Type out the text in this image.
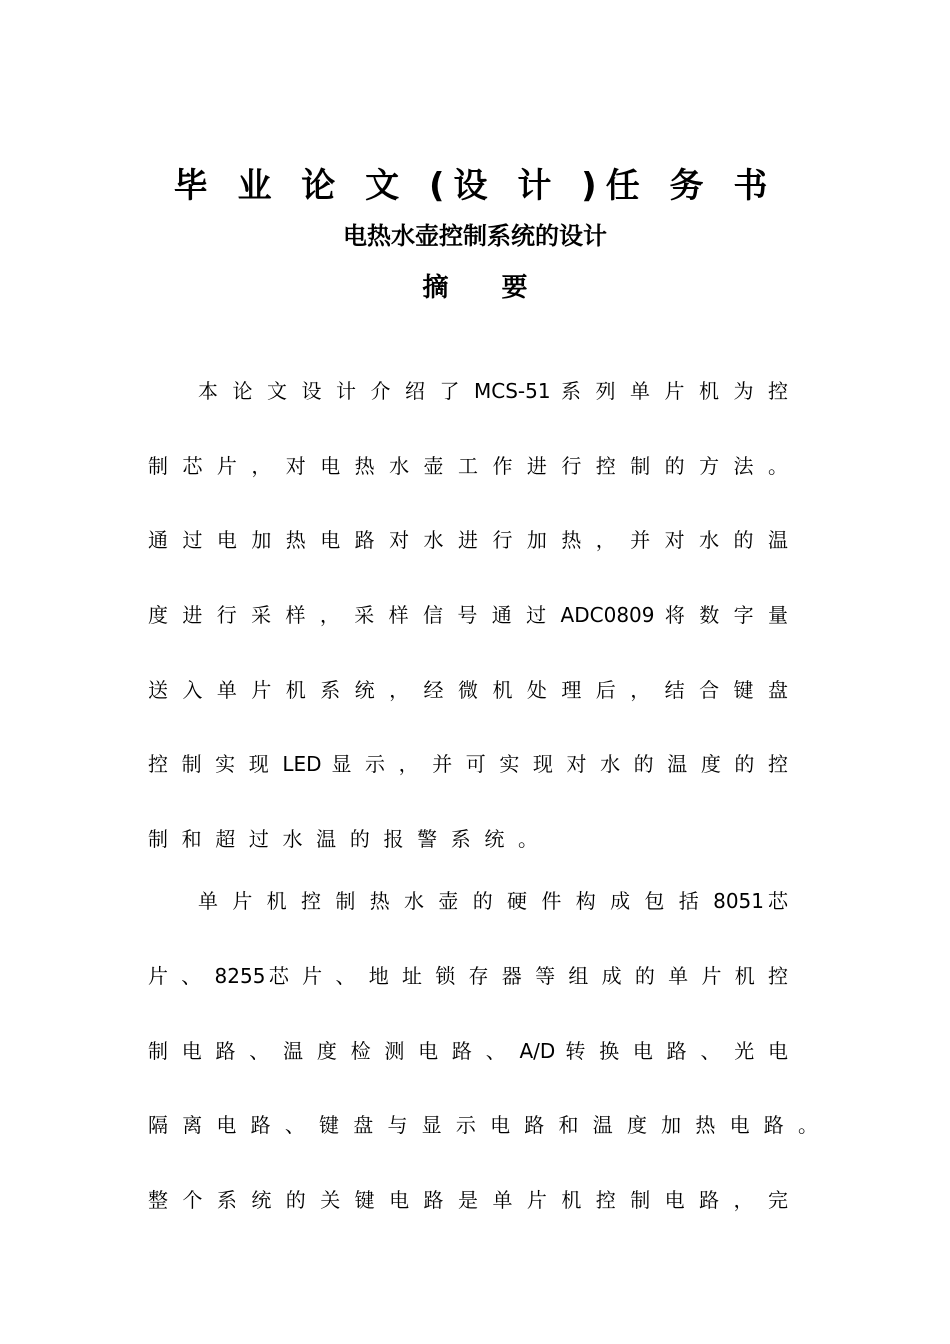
毕 业 论 文 (设 计 )任 务 书
电热水壶控制系统的设计
摘 要

本 论 文 设 计 介 绍 了 MCS-51 系 列 单 片 机 为 控

制 芯 片 ， 对 电 热 水 壶 工 作 进 行 控 制 的 方 法 。

通 过 电 加 热 电 路 对 水 进 行 加 热 ， 并 对 水 的 温

度 进 行 采 样 ， 采 样 信 号 通 过 ADC0809 将 数 字 量

送 入 单 片 机 系 统 ， 经 微 机 处 理 后 ， 结 合 键 盘

控 制 实 现 LED 显 示 ， 并 可 实 现 对 水 的 温 度 的 控

制 和 超 过 水 温 的 报 警 系 统 。

单 片 机 控 制 热 水 壶 的 硬 件 构 成 包 括 8051芯

片 、 8255芯 片 、 地 址 锁 存 器 等 组 成 的 单 片 机 控

制 电 路 、 温 度 检 测 电 路 、 A/D 转 换 电 路 、 光 电

隔 离 电 路 、 键 盘 与 显 示 电 路 和 温 度 加 热 电 路 。

整 个 系 统 的 关 键 电 路 是 单 片 机 控 制 电 路 ， 完
